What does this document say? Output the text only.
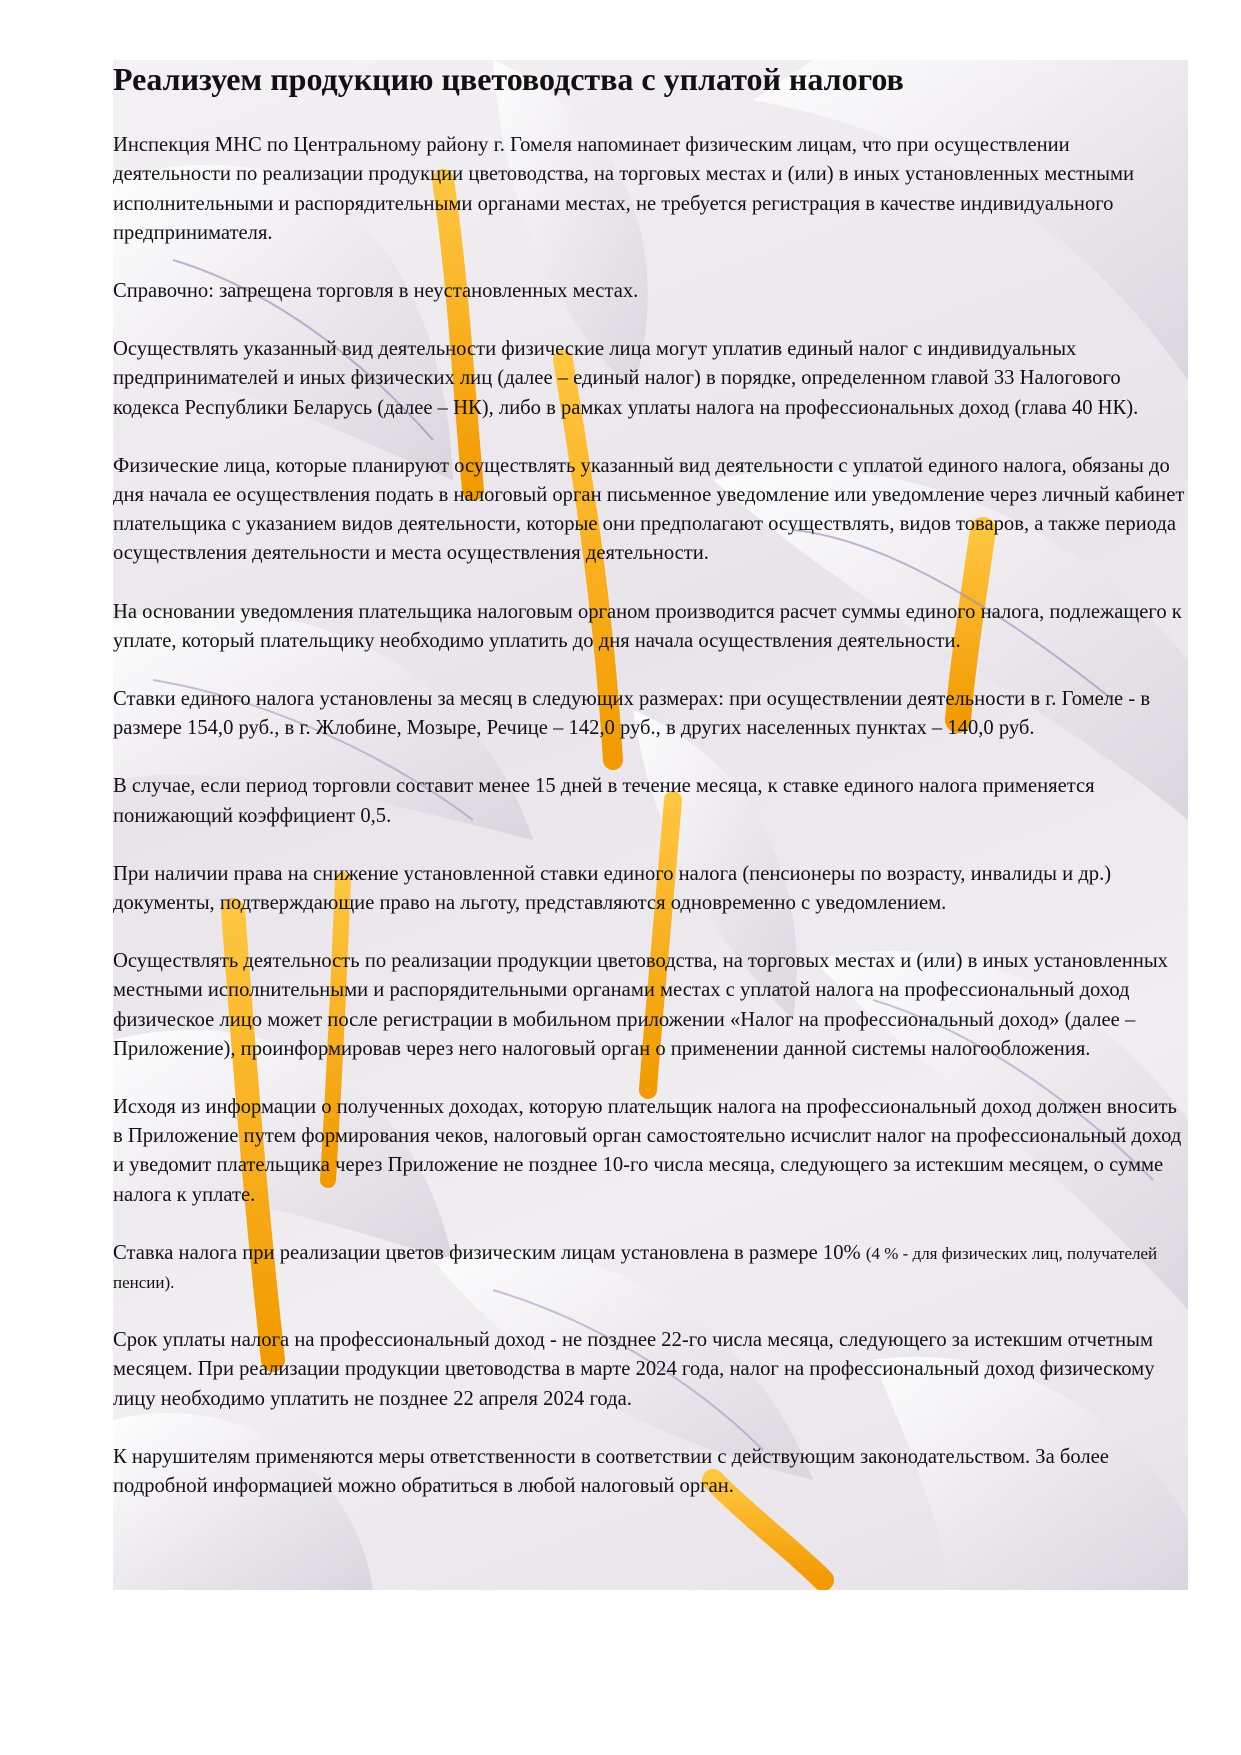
Реализуем продукцию цветоводства с уплатой налогов

Инспекция МНС по Центральному району г. Гомеля напоминает физическим лицам, что при осуществлении деятельности по реализации продукции цветоводства, на торговых местах и (или) в иных установленных местными исполнительными и распорядительными органами местах, не требуется регистрация в качестве индивидуального предпринимателя.

Справочно: запрещена торговля в неустановленных местах.

Осуществлять указанный вид деятельности физические лица могут уплатив единый налог с индивидуальных предпринимателей и иных физических лиц (далее – единый налог) в порядке, определенном главой 33 Налогового кодекса Республики Беларусь (далее – НК), либо в рамках уплаты налога на профессиональных доход (глава 40 НК).

Физические лица, которые планируют осуществлять указанный вид деятельности с уплатой единого налога, обязаны до дня начала ее осуществления подать в налоговый орган письменное уведомление или уведомление через личный кабинет плательщика с указанием видов деятельности, которые они предполагают осуществлять, видов товаров, а также периода осуществления деятельности и места осуществления деятельности.

На основании уведомления плательщика налоговым органом производится расчет суммы единого налога, подлежащего к уплате, который плательщику необходимо уплатить до дня начала осуществления деятельности.

Ставки единого налога установлены за месяц в следующих размерах: при осуществлении деятельности в г. Гомеле - в размере 154,0 руб., в г. Жлобине, Мозыре, Речице – 142,0 руб., в других населенных пунктах – 140,0 руб.

В случае, если период торговли составит менее 15 дней в течение месяца, к ставке единого налога применяется понижающий коэффициент 0,5.

При наличии права на снижение установленной ставки единого налога (пенсионеры по возрасту, инвалиды и др.) документы, подтверждающие право на льготу, представляются одновременно с уведомлением.

Осуществлять деятельность по реализации продукции цветоводства, на торговых местах и (или) в иных установленных местными исполнительными и распорядительными органами местах с уплатой налога на профессиональный доход физическое лицо может после регистрации в мобильном приложении «Налог на профессиональный доход» (далее – Приложение), проинформировав через него налоговый орган о применении данной системы налогообложения.

Исходя из информации о полученных доходах, которую плательщик налога на профессиональный доход должен вносить в Приложение путем формирования чеков, налоговый орган самостоятельно исчислит налог на профессиональный доход и уведомит плательщика через Приложение не позднее 10-го числа месяца, следующего за истекшим месяцем, о сумме налога к уплате.

Ставка налога при реализации цветов физическим лицам установлена в размере 10% (4 % - для физических лиц, получателей пенсии).

Срок уплаты налога на профессиональный доход - не позднее 22-го числа месяца, следующего за истекшим отчетным месяцем. При реализации продукции цветоводства в марте 2024 года, налог на профессиональный доход физическому лицу необходимо уплатить не позднее 22 апреля 2024 года.

К нарушителям применяются меры ответственности в соответствии с действующим законодательством. За более подробной информацией можно обратиться в любой налоговый орган.
